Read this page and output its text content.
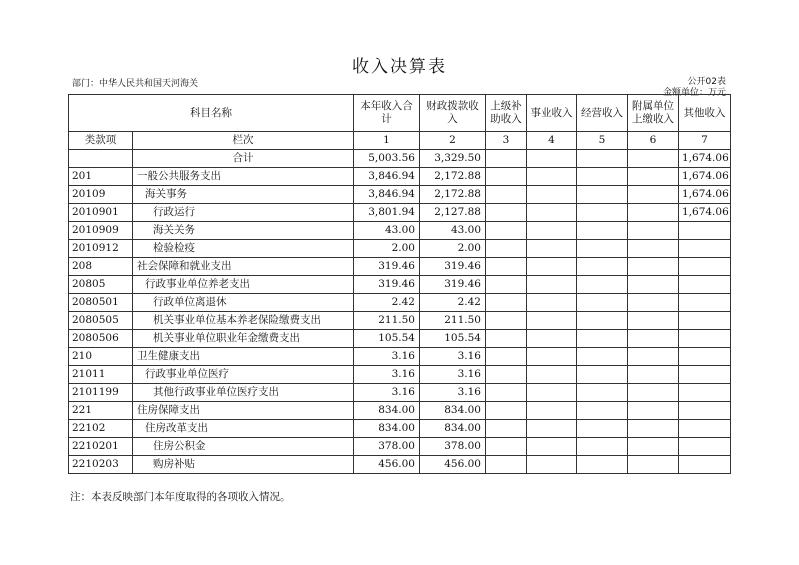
收入决算表
部门：中华人民共和国天河海关	公开02表
金额单位：万元
科目名称		本年收入合计	财政拨款收入	上级补助收入	事业收入	经营收入	附属单位上缴收入	其他收入
类款项	栏次	1	2	3	4	5	6	7
	合计	5,003.56	3,329.50					1,674.06
201	一般公共服务支出	3,846.94	2,172.88					1,674.06
20109	海关事务	3,846.94	2,172.88					1,674.06
2010901	行政运行	3,801.94	2,127.88					1,674.06
2010909	海关关务	43.00	43.00					
2010912	检验检疫	2.00	2.00					
208	社会保障和就业支出	319.46	319.46					
20805	行政事业单位养老支出	319.46	319.46					
2080501	行政单位离退休	2.42	2.42					
2080505	机关事业单位基本养老保险缴费支出	211.50	211.50					
2080506	机关事业单位职业年金缴费支出	105.54	105.54					
210	卫生健康支出	3.16	3.16					
21011	行政事业单位医疗	3.16	3.16					
2101199	其他行政事业单位医疗支出	3.16	3.16					
221	住房保障支出	834.00	834.00					
22102	住房改革支出	834.00	834.00					
2210201	住房公积金	378.00	378.00					
2210203	购房补贴	456.00	456.00					
注：本表反映部门本年度取得的各项收入情况。
